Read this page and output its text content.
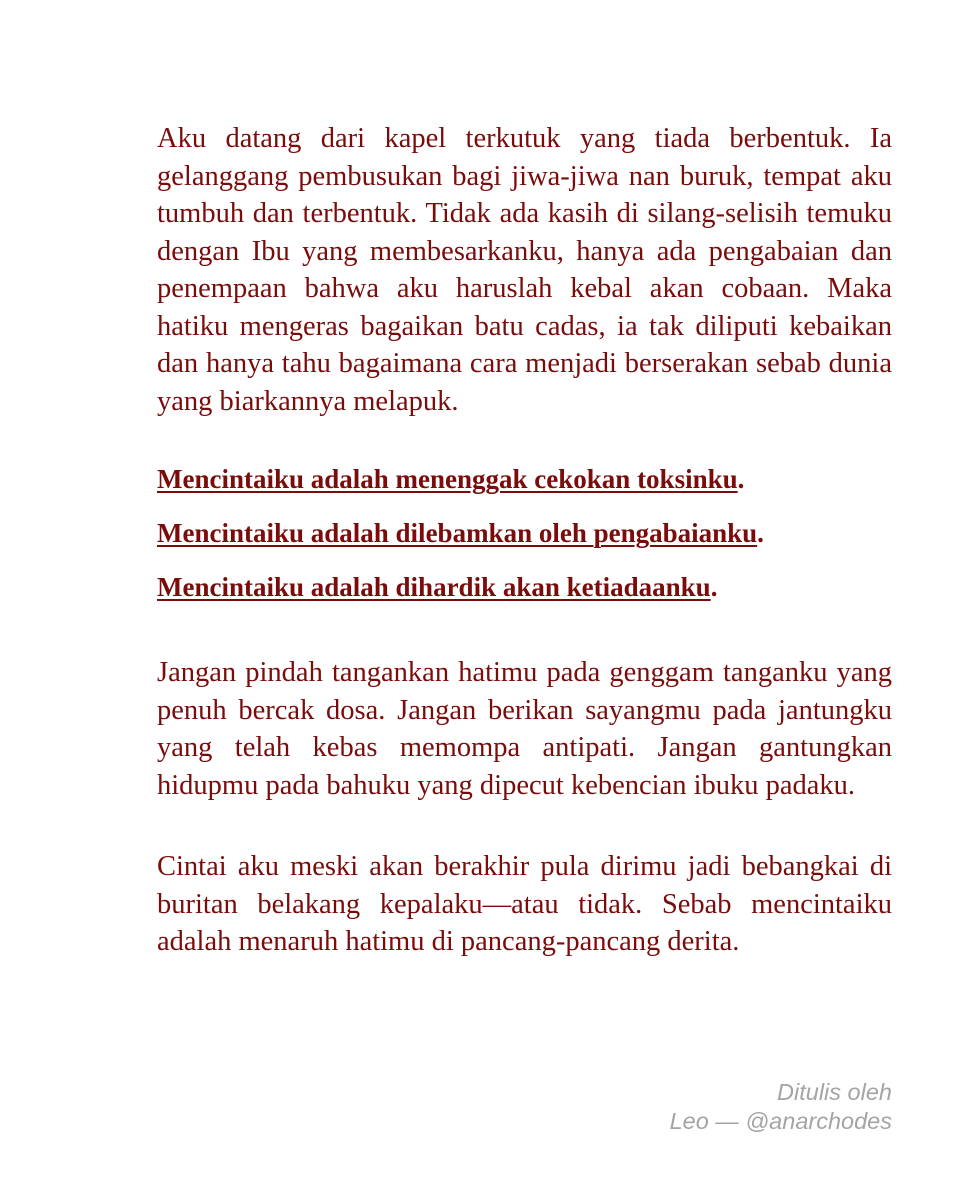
Aku datang dari kapel terkutuk yang tiada berbentuk. Ia gelanggang pembusukan bagi jiwa-jiwa nan buruk, tempat aku tumbuh dan terbentuk. Tidak ada kasih di silang-selisih temuku dengan Ibu yang membesarkanku, hanya ada pengabaian dan penempaan bahwa aku haruslah kebal akan cobaan. Maka hatiku mengeras bagaikan batu cadas, ia tak diliputi kebaikan dan hanya tahu bagaimana cara menjadi berserakan sebab dunia yang biarkannya melapuk.

Mencintaiku adalah menenggak cekokan toksinku.
Mencintaiku adalah dilebamkan oleh pengabaianku.
Mencintaiku adalah dihardik akan ketiadaanku.

Jangan pindah tangankan hatimu pada genggam tanganku yang penuh bercak dosa. Jangan berikan sayangmu pada jantungku yang telah kebas memompa antipati. Jangan gantungkan hidupmu pada bahuku yang dipecut kebencian ibuku padaku.

Cintai aku meski akan berakhir pula dirimu jadi bebangkai di buritan belakang kepalaku—atau tidak. Sebab mencintaiku adalah menaruh hatimu di pancang-pancang derita.

Ditulis oleh
Leo — @anarchodes
